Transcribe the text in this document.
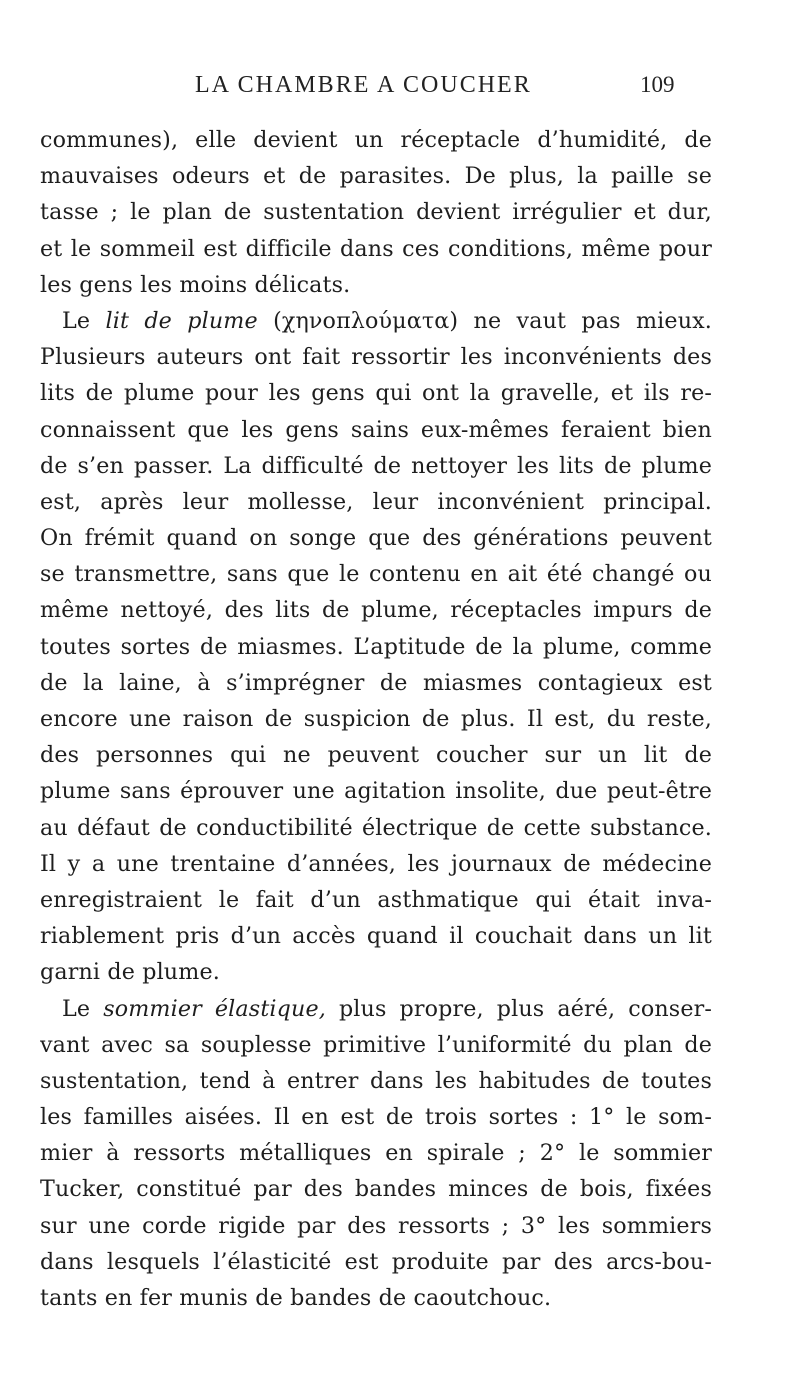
LA CHAMBRE A COUCHER	109
communes), elle devient un réceptacle d’humidité, de
mauvaises odeurs et de parasites. De plus, la paille se
tasse ; le plan de sustentation devient irrégulier et dur,
et le sommeil est difficile dans ces conditions, même pour
les gens les moins délicats.
Le lit de plume (χηνοπλούματα) ne vaut pas mieux.
Plusieurs auteurs ont fait ressortir les inconvénients des
lits de plume pour les gens qui ont la gravelle, et ils re-
connaissent que les gens sains eux-mêmes feraient bien
de s’en passer. La difficulté de nettoyer les lits de plume
est, après leur mollesse, leur inconvénient principal.
On frémit quand on songe que des générations peuvent
se transmettre, sans que le contenu en ait été changé ou
même nettoyé, des lits de plume, réceptacles impurs de
toutes sortes de miasmes. L’aptitude de la plume, comme
de la laine, à s’imprégner de miasmes contagieux est
encore une raison de suspicion de plus. Il est, du reste,
des personnes qui ne peuvent coucher sur un lit de
plume sans éprouver une agitation insolite, due peut-être
au défaut de conductibilité électrique de cette substance.
Il y a une trentaine d’années, les journaux de médecine
enregistraient le fait d’un asthmatique qui était inva-
riablement pris d’un accès quand il couchait dans un lit
garni de plume.
Le sommier élastique, plus propre, plus aéré, conser-
vant avec sa souplesse primitive l’uniformité du plan de
sustentation, tend à entrer dans les habitudes de toutes
les familles aisées. Il en est de trois sortes : 1° le som-
mier à ressorts métalliques en spirale ; 2° le sommier
Tucker, constitué par des bandes minces de bois, fixées
sur une corde rigide par des ressorts ; 3° les sommiers
dans lesquels l’élasticité est produite par des arcs-bou-
tants en fer munis de bandes de caoutchouc.
